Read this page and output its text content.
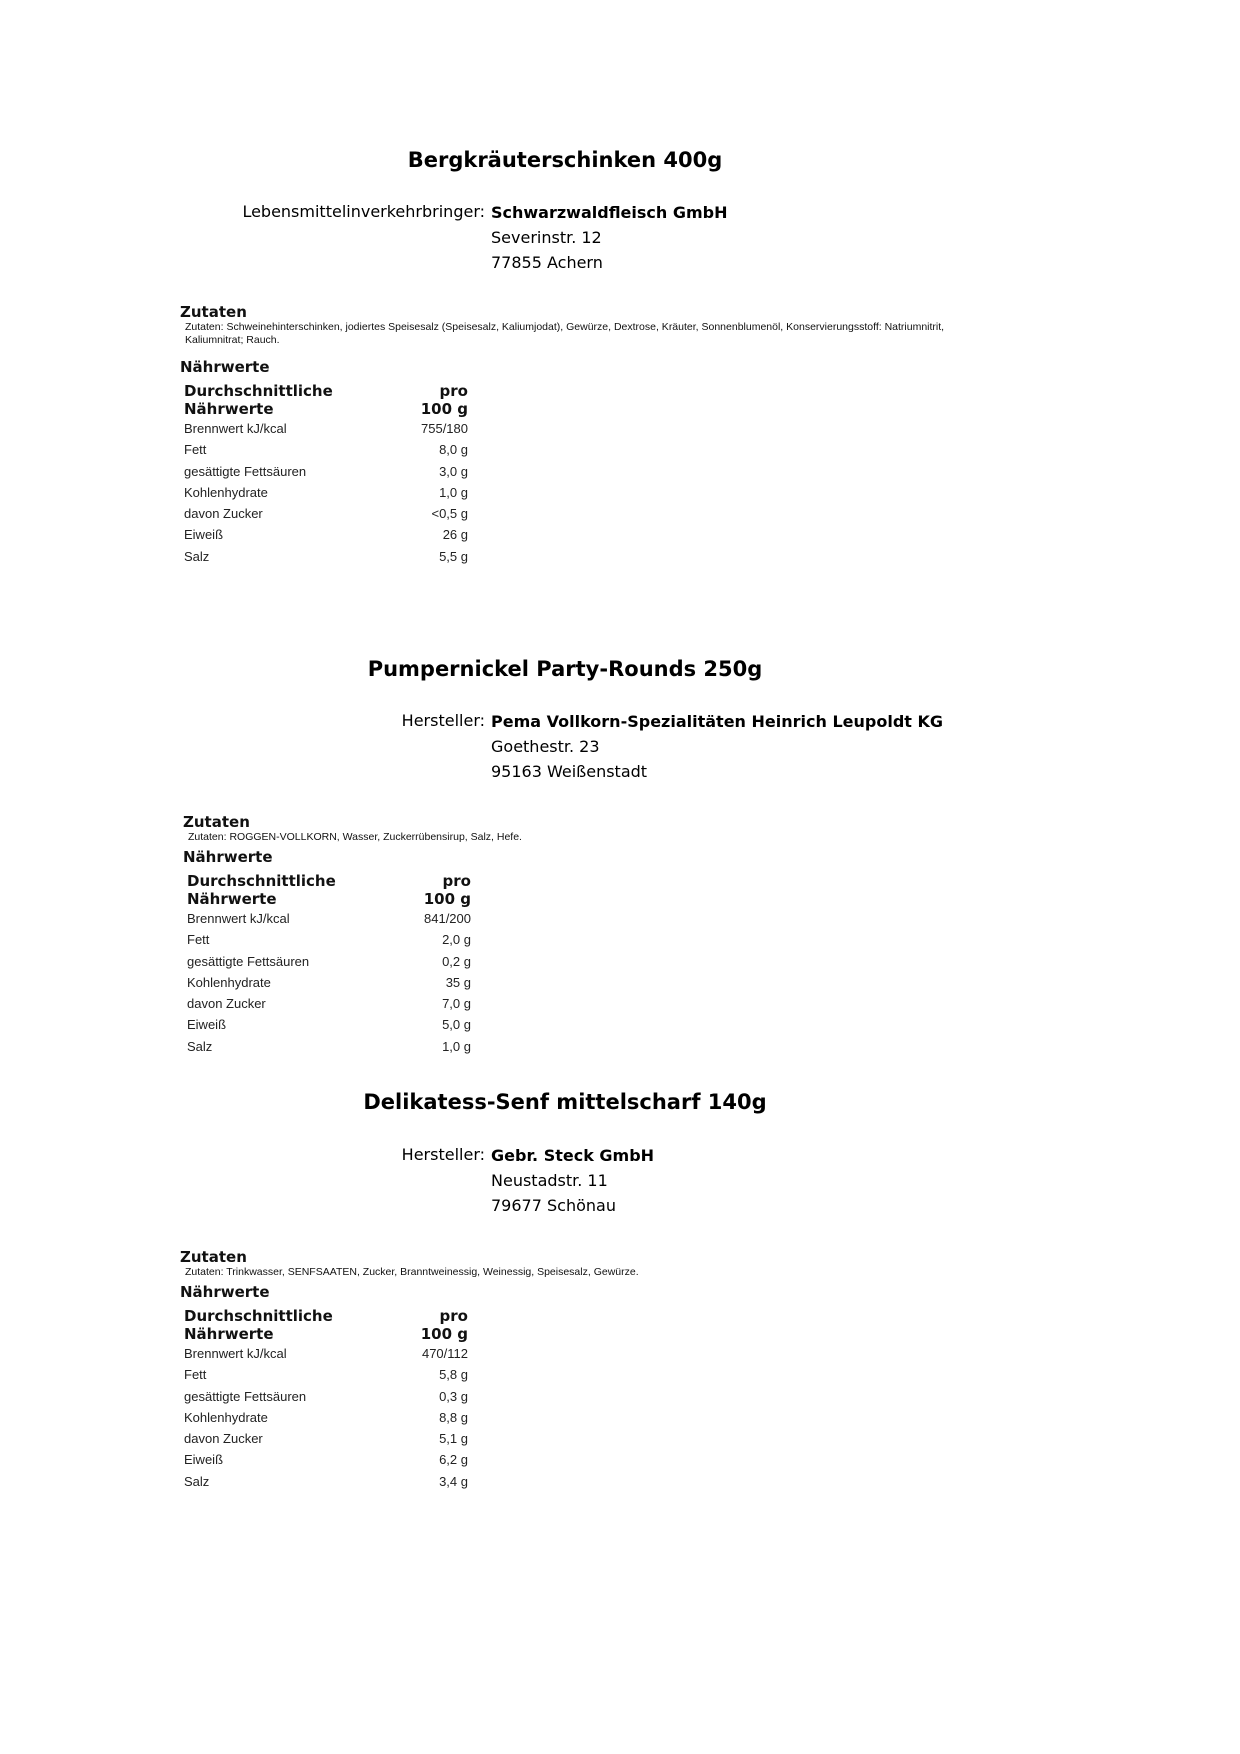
Bergkräuterschinken 400g
Lebensmittelinverkehrbringer: Schwarzwaldfleisch GmbH
Severinstr. 12
77855 Achern
Zutaten
Zutaten: Schweinehinterschinken, jodiertes Speisesalz (Speisesalz, Kaliumjodat), Gewürze, Dextrose, Kräuter, Sonnenblumenöl, Konservierungsstoff: Natriumnitrit, Kaliumnitrat; Rauch.
Nährwerte
Durchschnittliche	pro
Nährwerte	100 g
Brennwert kJ/kcal	755/180
Fett	8,0 g
gesättigte Fettsäuren	3,0 g
Kohlenhydrate	1,0 g
davon Zucker	<0,5 g
Eiweiß	26 g
Salz	5,5 g
Pumpernickel Party-Rounds 250g
Hersteller: Pema Vollkorn-Spezialitäten Heinrich Leupoldt KG
Goethestr. 23
95163 Weißenstadt
Zutaten
Zutaten: ROGGEN-VOLLKORN, Wasser, Zuckerrübensirup, Salz, Hefe.
Nährwerte
Durchschnittliche	pro
Nährwerte	100 g
Brennwert kJ/kcal	841/200
Fett	2,0 g
gesättigte Fettsäuren	0,2 g
Kohlenhydrate	35 g
davon Zucker	7,0 g
Eiweiß	5,0 g
Salz	1,0 g
Delikatess-Senf mittelscharf 140g
Hersteller: Gebr. Steck GmbH
Neustadstr. 11
79677 Schönau
Zutaten
Zutaten: Trinkwasser, SENFSAATEN, Zucker, Branntweinessig, Weinessig, Speisesalz, Gewürze.
Nährwerte
Durchschnittliche	pro
Nährwerte	100 g
Brennwert kJ/kcal	470/112
Fett	5,8 g
gesättigte Fettsäuren	0,3 g
Kohlenhydrate	8,8 g
davon Zucker	5,1 g
Eiweiß	6,2 g
Salz	3,4 g
